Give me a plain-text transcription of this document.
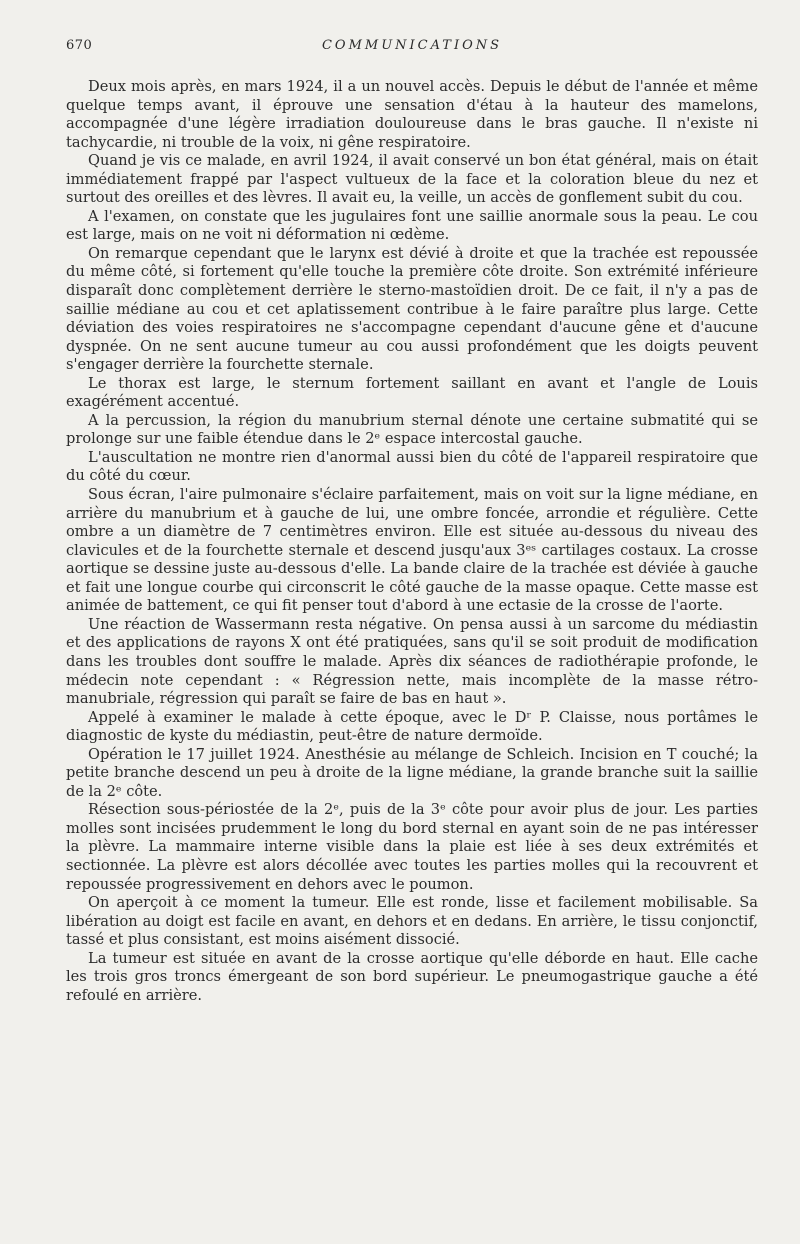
670	COMMUNICATIONS

Deux mois après, en mars 1924, il a un nouvel accès. Depuis le début de l'année et même quelque temps avant, il éprouve une sensation d'étau à la hauteur des mamelons, accompagnée d'une légère irradiation douloureuse dans le bras gauche. Il n'existe ni tachycardie, ni trouble de la voix, ni gêne respiratoire.

Quand je vis ce malade, en avril 1924, il avait conservé un bon état général, mais on était immédiatement frappé par l'aspect vultueux de la face et la coloration bleue du nez et surtout des oreilles et des lèvres. Il avait eu, la veille, un accès de gonflement subit du cou.

A l'examen, on constate que les jugulaires font une saillie anormale sous la peau. Le cou est large, mais on ne voit ni déformation ni œdème.

On remarque cependant que le larynx est dévié à droite et que la trachée est repoussée du même côté, si fortement qu'elle touche la première côte droite. Son extrémité inférieure disparaît donc complètement derrière le sterno-mastoïdien droit. De ce fait, il n'y a pas de saillie médiane au cou et cet aplatissement contribue à le faire paraître plus large. Cette déviation des voies respiratoires ne s'accompagne cependant d'aucune gêne et d'aucune dyspnée. On ne sent aucune tumeur au cou aussi profondément que les doigts peuvent s'engager derrière la fourchette sternale.

Le thorax est large, le sternum fortement saillant en avant et l'angle de Louis exagérément accentué.

A la percussion, la région du manubrium sternal dénote une certaine submatité qui se prolonge sur une faible étendue dans le 2ᵉ espace intercostal gauche.

L'auscultation ne montre rien d'anormal aussi bien du côté de l'appareil respiratoire que du côté du cœur.

Sous écran, l'aire pulmonaire s'éclaire parfaitement, mais on voit sur la ligne médiane, en arrière du manubrium et à gauche de lui, une ombre foncée, arrondie et régulière. Cette ombre a un diamètre de 7 centimètres environ. Elle est située au-dessous du niveau des clavicules et de la fourchette sternale et descend jusqu'aux 3ᵉˢ cartilages costaux. La crosse aortique se dessine juste au-dessous d'elle. La bande claire de la trachée est déviée à gauche et fait une longue courbe qui circonscrit le côté gauche de la masse opaque. Cette masse est animée de battement, ce qui fit penser tout d'abord à une ectasie de la crosse de l'aorte.

Une réaction de Wassermann resta négative. On pensa aussi à un sarcome du médiastin et des applications de rayons X ont été pratiquées, sans qu'il se soit produit de modification dans les troubles dont souffre le malade. Après dix séances de radiothérapie profonde, le médecin note cependant : « Régression nette, mais incomplète de la masse rétro-manubriale, régression qui paraît se faire de bas en haut ».

Appelé à examiner le malade à cette époque, avec le Dʳ P. Claisse, nous portâmes le diagnostic de kyste du médiastin, peut-être de nature dermoïde.

Opération le 17 juillet 1924. Anesthésie au mélange de Schleich. Incision en T couché; la petite branche descend un peu à droite de la ligne médiane, la grande branche suit la saillie de la 2ᵉ côte.

Résection sous-périostée de la 2ᵉ, puis de la 3ᵉ côte pour avoir plus de jour. Les parties molles sont incisées prudemment le long du bord sternal en ayant soin de ne pas intéresser la plèvre. La mammaire interne visible dans la plaie est liée à ses deux extrémités et sectionnée. La plèvre est alors décollée avec toutes les parties molles qui la recouvrent et repoussée progressivement en dehors avec le poumon.

On aperçoit à ce moment la tumeur. Elle est ronde, lisse et facilement mobilisable. Sa libération au doigt est facile en avant, en dehors et en dedans. En arrière, le tissu conjonctif, tassé et plus consistant, est moins aisément dissocié.

La tumeur est située en avant de la crosse aortique qu'elle déborde en haut. Elle cache les trois gros troncs émergeant de son bord supérieur. Le pneumogastrique gauche a été refoulé en arrière.
